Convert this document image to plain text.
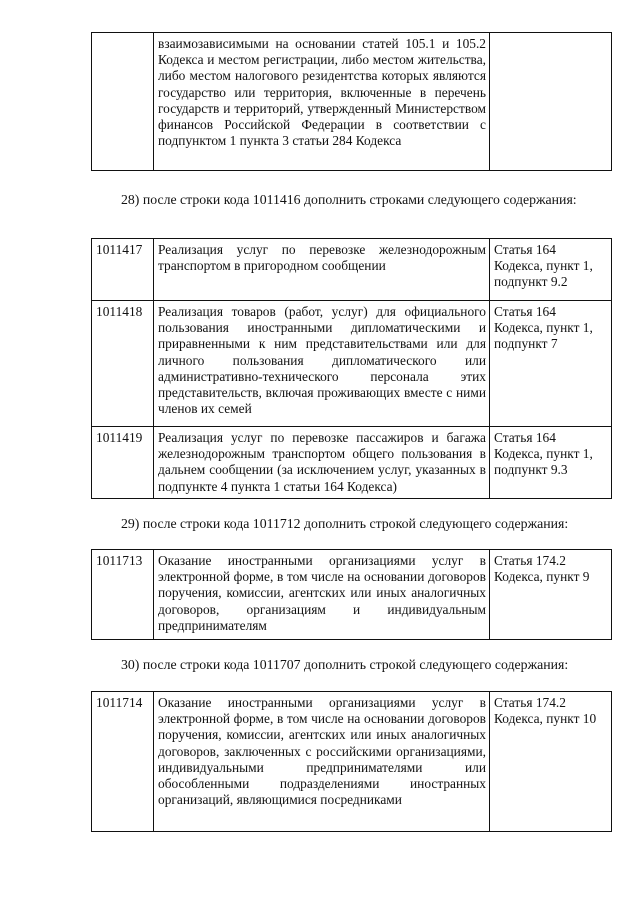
	взаимозависимыми на основании статей 105.1 и 105.2 Кодекса и местом регистрации, либо местом жительства, либо местом налогового резидентства которых являются государство или территория, включенные в перечень государств и территорий, утвержденный Министерством финансов Российской Федерации в соответствии с подпунктом 1 пункта 3 статьи 284 Кодекса	
28) после строки кода 1011416 дополнить строками следующего содержания:
1011417	Реализация услуг по перевозке железнодорожным транспортом в пригородном сообщении	Статья 164 Кодекса, пункт 1, подпункт 9.2
1011418	Реализация товаров (работ, услуг) для официального пользования иностранными дипломатическими и приравненными к ним представительствами или для личного пользования дипломатического или административно-технического персонала этих представительств, включая проживающих вместе с ними членов их семей	Статья 164 Кодекса, пункт 1, подпункт 7
1011419	Реализация услуг по перевозке пассажиров и багажа железнодорожным транспортом общего пользования в дальнем сообщении (за исключением услуг, указанных в подпункте 4 пункта 1 статьи 164 Кодекса)	Статья 164 Кодекса, пункт 1, подпункт 9.3
29) после строки кода 1011712 дополнить строкой следующего содержания:
1011713	Оказание иностранными организациями услуг в электронной форме, в том числе на основании договоров поручения, комиссии, агентских или иных аналогичных договоров, организациям и индивидуальным предпринимателям	Статья 174.2 Кодекса, пункт 9
30) после строки кода 1011707 дополнить строкой следующего содержания:
1011714	Оказание иностранными организациями услуг в электронной форме, в том числе на основании договоров поручения, комиссии, агентских или иных аналогичных договоров, заключенных с российскими организациями, индивидуальными предпринимателями или обособленными подразделениями иностранных организаций, являющимися посредниками	Статья 174.2 Кодекса, пункт 10
